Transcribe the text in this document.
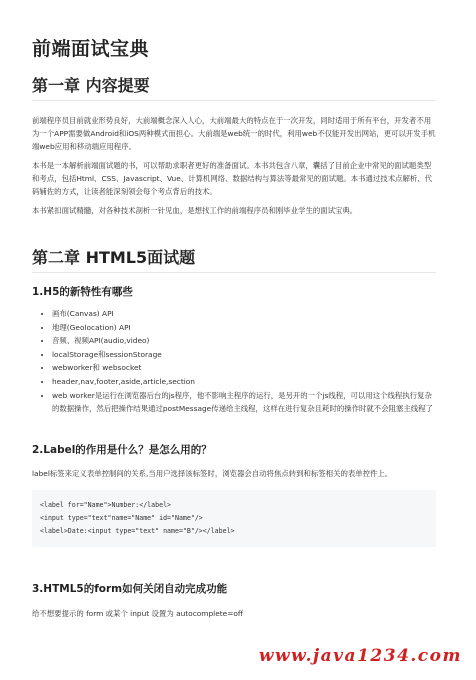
前端面试宝典
第一章 内容提要

前端程序员目前就业形势良好，大前端概念深入人心，大前端最大的特点在于一次开发，同时适用于所有平台，开发者不用为一个APP需要做Android和iOS两种模式而担心。大前端是web统一的时代，利用web不仅能开发出网站，更可以开发手机端web应用和移动端应用程序。

本书是一本解析前端面试题的书，可以帮助求职者更好的准备面试。本书共包含八章，囊括了目前企业中常见的面试题类型和考点，包括Html、CSS、Javascript、Vue、计算机网络、数据结构与算法等最常见的面试题。本书通过技术点解析、代码辅佐的方式，让读者能深刻领会每个考点背后的技术。

本书紧扣面试精髓，对各种技术剖析一针见血，是想找工作的前端程序员和刚毕业学生的面试宝典。

第二章 HTML5面试题
1.H5的新特性有哪些
• 画布(Canvas) API
• 地理(Geolocation) API
• 音频、视频API(audio,video)
• localStorage和sessionStorage
• webworker和 websocket
• header,nav,footer,aside,article,section
• web worker是运行在浏览器后台的js程序，他不影响主程序的运行，是另开的一个js线程，可以用这个线程执行复杂的数据操作，然后把操作结果通过postMessage传递给主线程，这样在进行复杂且耗时的操作时就不会阻塞主线程了
2.Label的作用是什么？是怎么用的？

label标签来定义表单控制间的关系,当用户选择该标签时，浏览器会自动将焦点转到和标签相关的表单控件上。

<label for="Name">Number:</label>
<input type="text"name="Name" id="Name"/>
<label>Date:<input type="text" name="B"/></label>
3.HTML5的form如何关闭自动完成功能

给不想要提示的 form 或某个 input 设置为 autocomplete=off

www.java1234.com
